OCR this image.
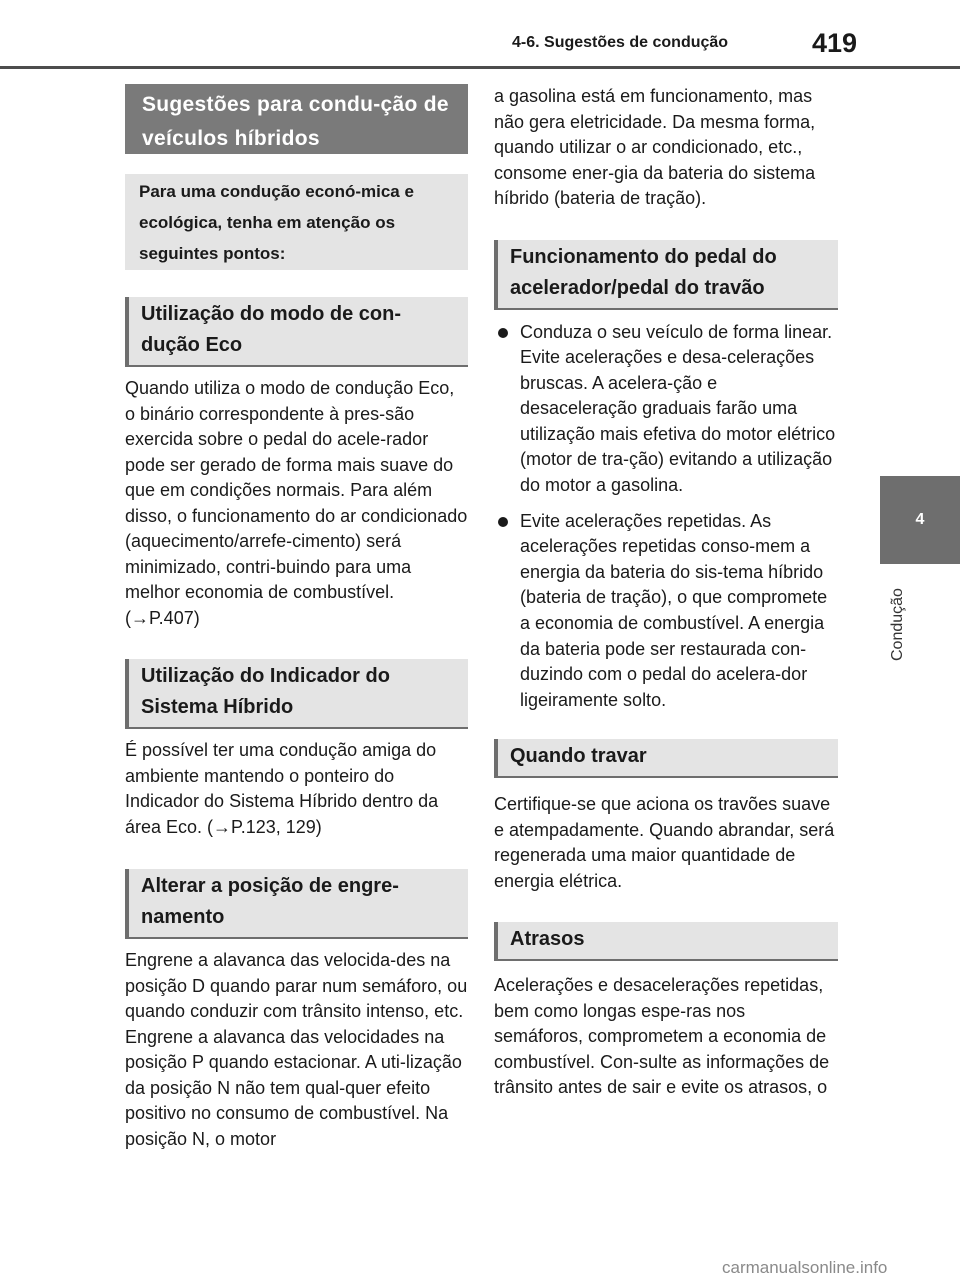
4-6. Sugestões de condução	419
4
Condução
Sugestões para condu-ção de veículos híbridos
Para uma condução econó-mica e ecológica, tenha em atenção os seguintes pontos:
Utilização do modo de con-dução Eco

Quando utiliza o modo de condução Eco, o binário correspondente à pres-são exercida sobre o pedal do acele-rador pode ser gerado de forma mais suave do que em condições normais. Para além disso, o funcionamento do ar condicionado (aquecimento/arrefe-cimento) será minimizado, contri-buindo para uma melhor economia de combustível. (→P.407)

Utilização do Indicador do Sistema Híbrido

É possível ter uma condução amiga do ambiente mantendo o ponteiro do Indicador do Sistema Híbrido dentro da área Eco. (→P.123, 129)

Alterar a posição de engre-namento

Engrene a alavanca das velocida-des na posição D quando parar num semáforo, ou quando conduzir com trânsito intenso, etc. Engrene a alavanca das velocidades na posição P quando estacionar. A uti-lização da posição N não tem qual-quer efeito positivo no consumo de combustível. Na posição N, o motor

a gasolina está em funcionamento, mas não gera eletricidade. Da mesma forma, quando utilizar o ar condicionado, etc., consome ener-gia da bateria do sistema híbrido (bateria de tração).

Funcionamento do pedal do acelerador/pedal do travão
Conduza o seu veículo de forma linear. Evite acelerações e desa-celerações bruscas. A acelera-ção e desaceleração graduais farão uma utilização mais efetiva do motor elétrico (motor de tra-ção) evitando a utilização do motor a gasolina.
Evite acelerações repetidas. As acelerações repetidas conso-mem a energia da bateria do sis-tema híbrido (bateria de tração), o que compromete a economia de combustível. A energia da bateria pode ser restaurada con-duzindo com o pedal do acelera-dor ligeiramente solto.
Quando travar

Certifique-se que aciona os travões suave e atempadamente. Quando abrandar, será regenerada uma maior quantidade de energia elétrica.

Atrasos

Acelerações e desacelerações repetidas, bem como longas espe-ras nos semáforos, comprometem a economia de combustível. Con-sulte as informações de trânsito antes de sair e evite os atrasos, o

carmanualsonline.info
